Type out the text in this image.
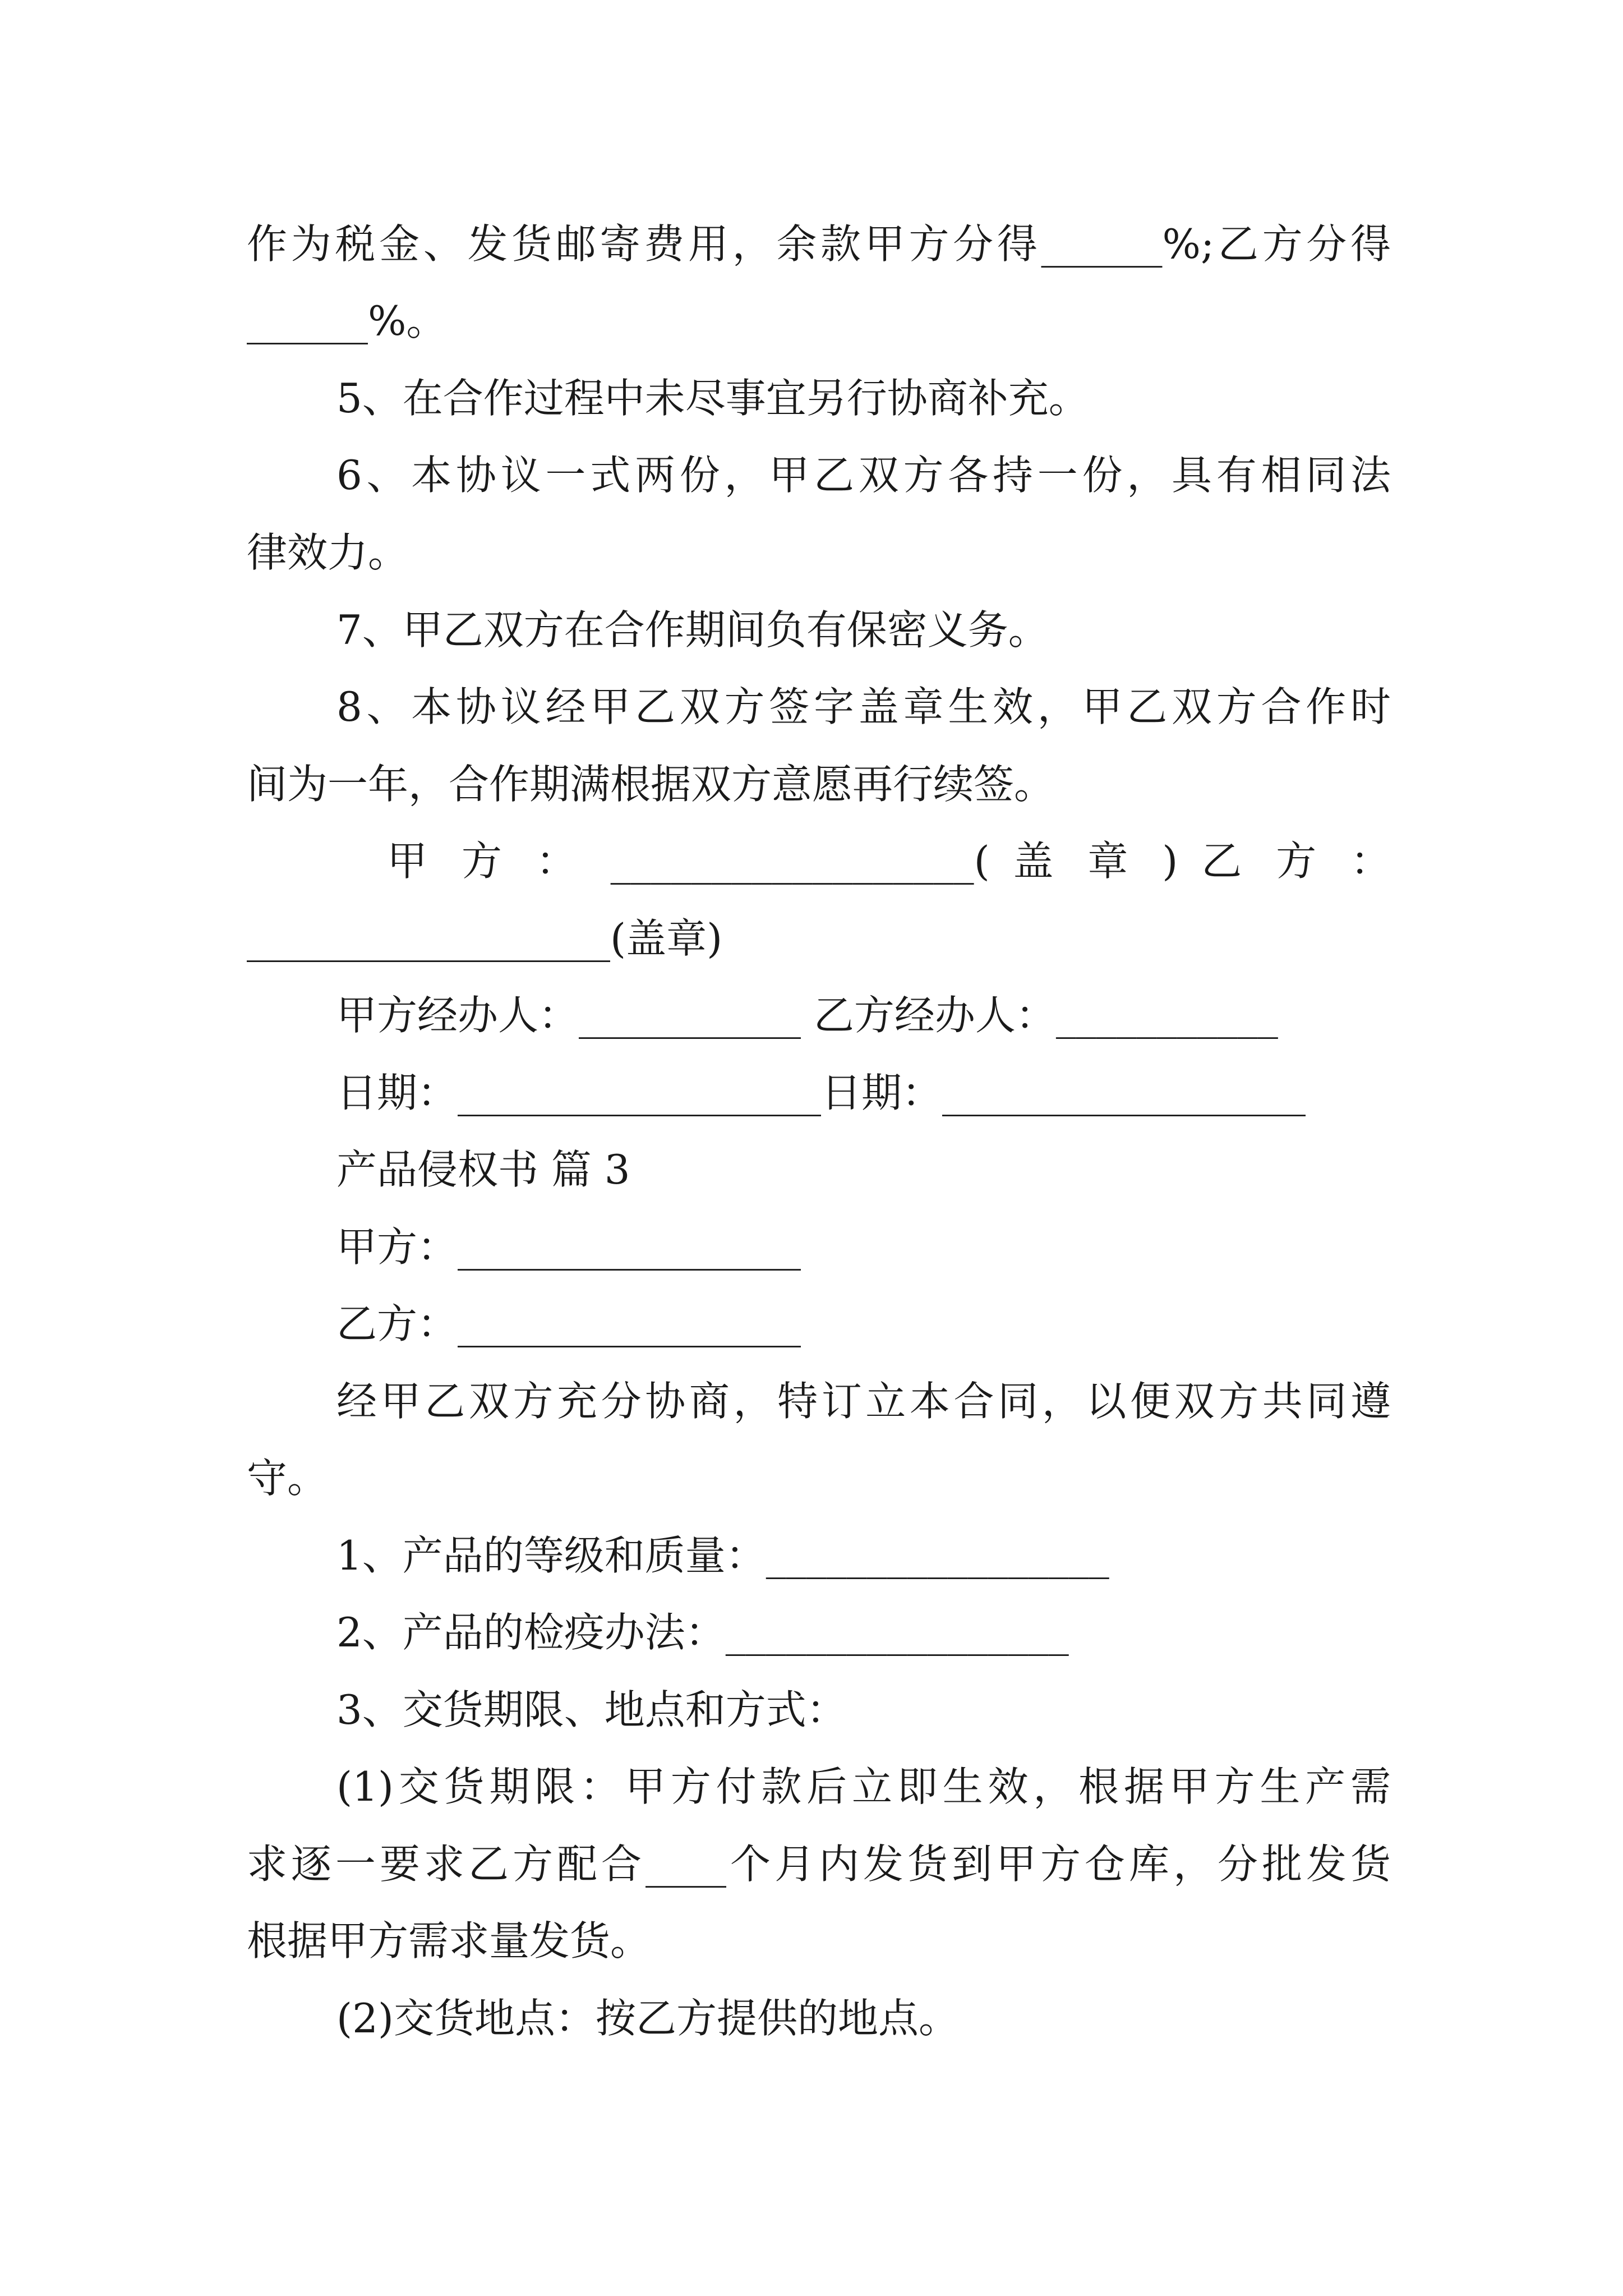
作为税金、发货邮寄费用，余款甲方分得______%;乙方分得
______%。
5、在合作过程中未尽事宜另行协商补充。
6、本协议一式两份，甲乙双方各持一份，具有相同法
律效力。
7、甲乙双方在合作期间负有保密义务。
8、本协议经甲乙双方签字盖章生效，甲乙双方合作时
间为一年，合作期满根据双方意愿再行续签。
甲 方 ： __________________( 盖 章 ) 乙 方 ：
__________________(盖章)
甲方经办人：___________ 乙方经办人：___________
日期：__________________日期：__________________
产品侵权书 篇 3
甲方：_________________
乙方：_________________
经甲乙双方充分协商，特订立本合同，以便双方共同遵
守。
1、产品的等级和质量：_________________
2、产品的检疫办法：_________________
3、交货期限、地点和方式：
(1)交货期限：甲方付款后立即生效，根据甲方生产需
求逐一要求乙方配合____个月内发货到甲方仓库，分批发货
根据甲方需求量发货。
(2)交货地点：按乙方提供的地点。
